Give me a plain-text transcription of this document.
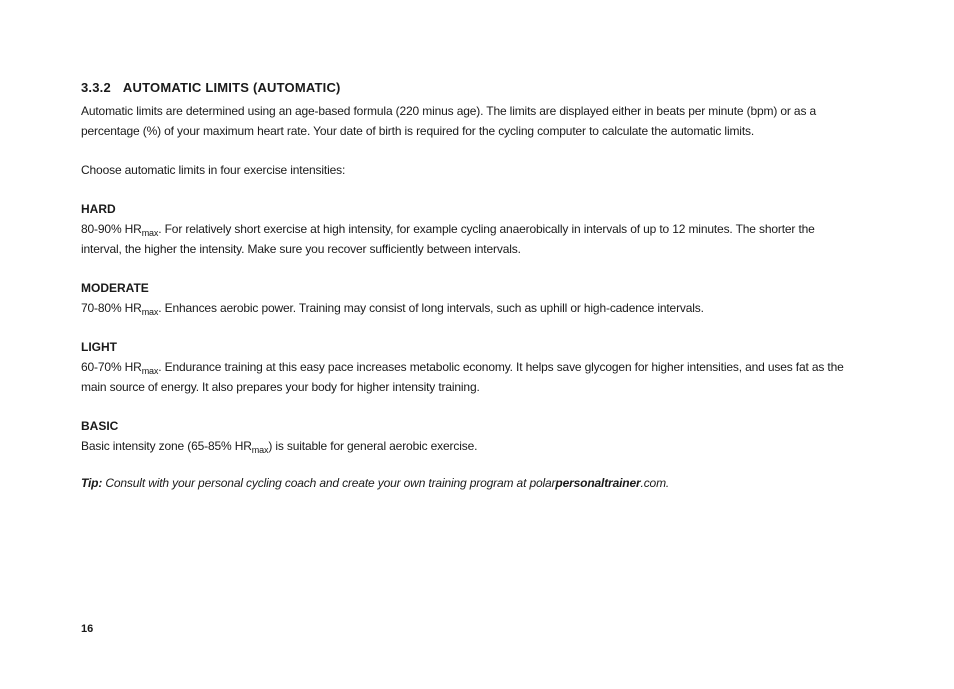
3.3.2 AUTOMATIC LIMITS (AUTOMATIC)

Automatic limits are determined using an age-based formula (220 minus age). The limits are displayed either in beats per minute (bpm) or as a percentage (%) of your maximum heart rate. Your date of birth is required for the cycling computer to calculate the automatic limits.

Choose automatic limits in four exercise intensities:

HARD

80-90% $HR_{max}$. For relatively short exercise at high intensity, for example cycling anaerobically in intervals of up to 12 minutes. The shorter the interval, the higher the intensity. Make sure you recover sufficiently between intervals.

MODERATE

70-80% $HR_{max}$. Enhances aerobic power. Training may consist of long intervals, such as uphill or high-cadence intervals.

LIGHT

60-70% $HR_{max}$. Endurance training at this easy pace increases metabolic economy. It helps save glycogen for higher intensities, and uses fat as the main source of energy. It also prepares your body for higher intensity training.

BASIC

Basic intensity zone (65-85% $HR_{max}$) is suitable for general aerobic exercise.

Tip: Consult with your personal cycling coach and create your own training program at polarpersonaltrainer.com.

16
